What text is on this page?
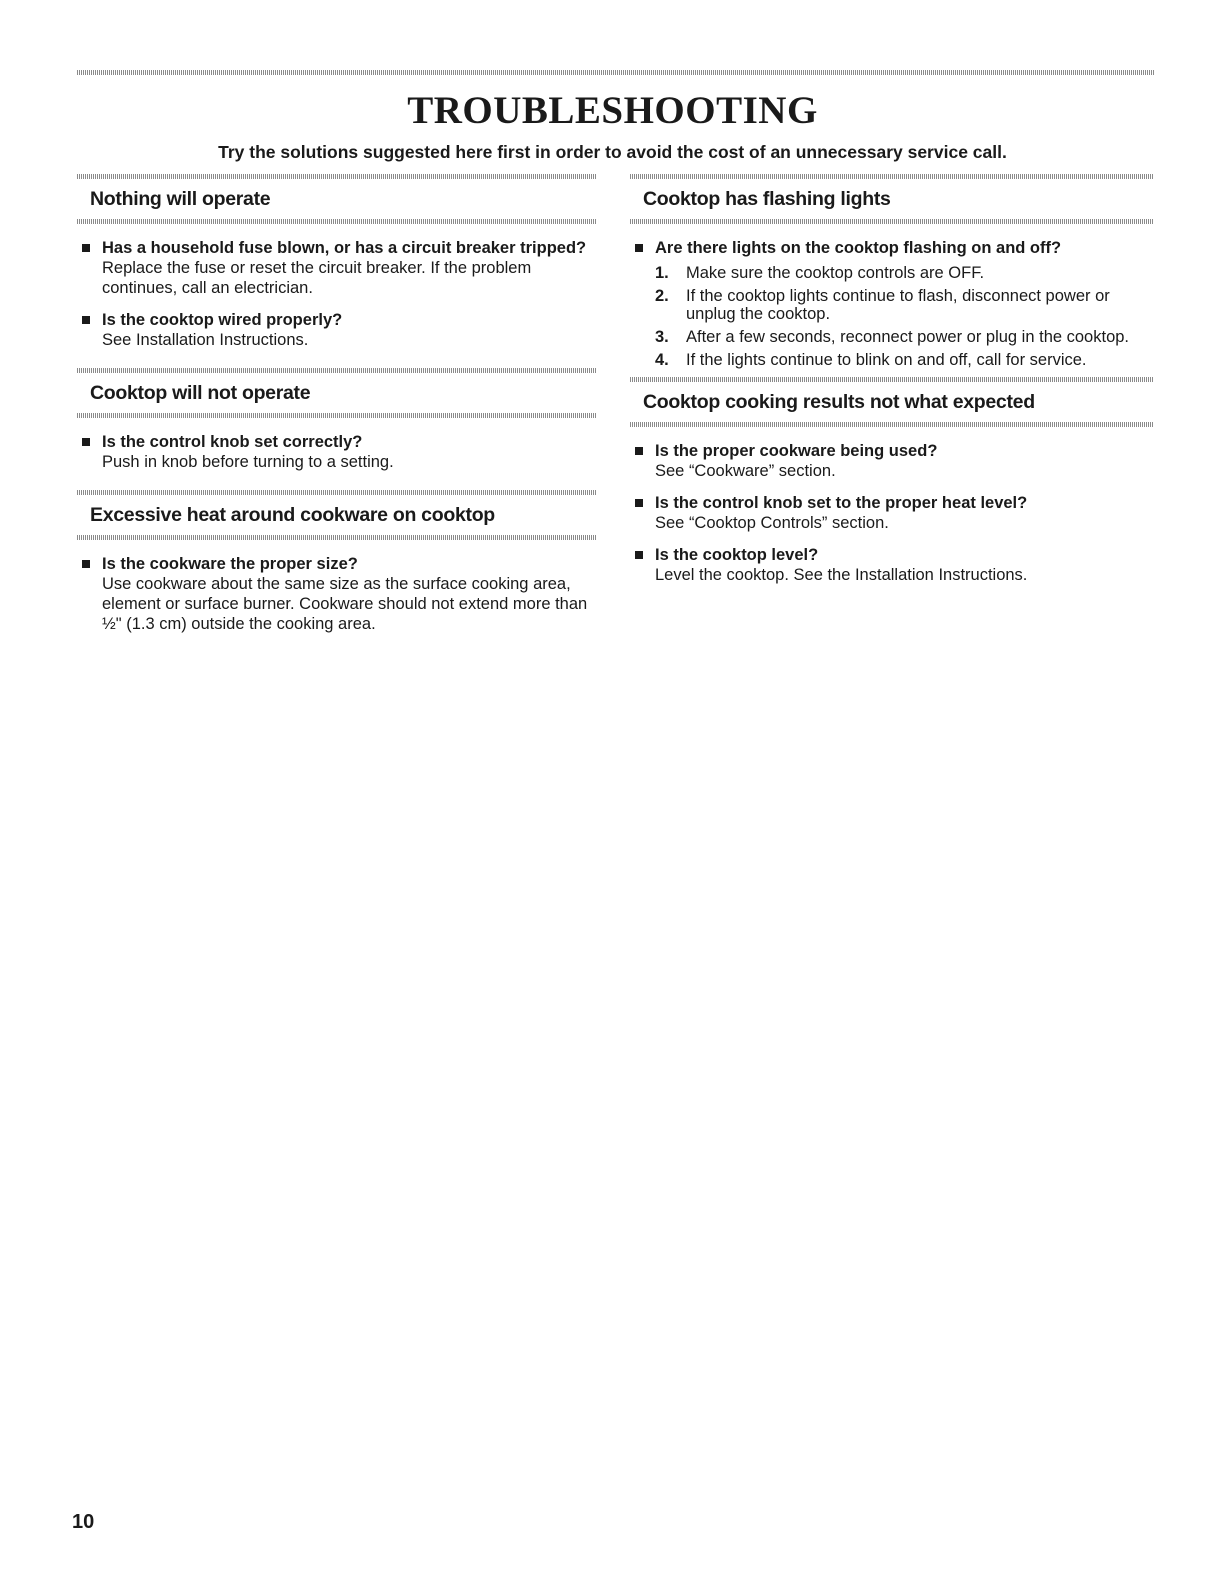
TROUBLESHOOTING

Try the solutions suggested here first in order to avoid the cost of an unnecessary service call.

Nothing will operate

Has a household fuse blown, or has a circuit breaker tripped?

Replace the fuse or reset the circuit breaker. If the problem continues, call an electrician.

Is the cooktop wired properly?

See Installation Instructions.

Cooktop will not operate

Is the control knob set correctly?

Push in knob before turning to a setting.

Excessive heat around cookware on cooktop

Is the cookware the proper size?

Use cookware about the same size as the surface cooking area, element or surface burner. Cookware should not extend more than ½" (1.3 cm) outside the cooking area.

Cooktop has flashing lights

Are there lights on the cooktop flashing on and off?

1. Make sure the cooktop controls are OFF.
2. If the cooktop lights continue to flash, disconnect power or unplug the cooktop.
3. After a few seconds, reconnect power or plug in the cooktop.
4. If the lights continue to blink on and off, call for service.
Cooktop cooking results not what expected

Is the proper cookware being used?

See “Cookware” section.

Is the control knob set to the proper heat level?

See “Cooktop Controls” section.

Is the cooktop level?

Level the cooktop. See the Installation Instructions.

10
